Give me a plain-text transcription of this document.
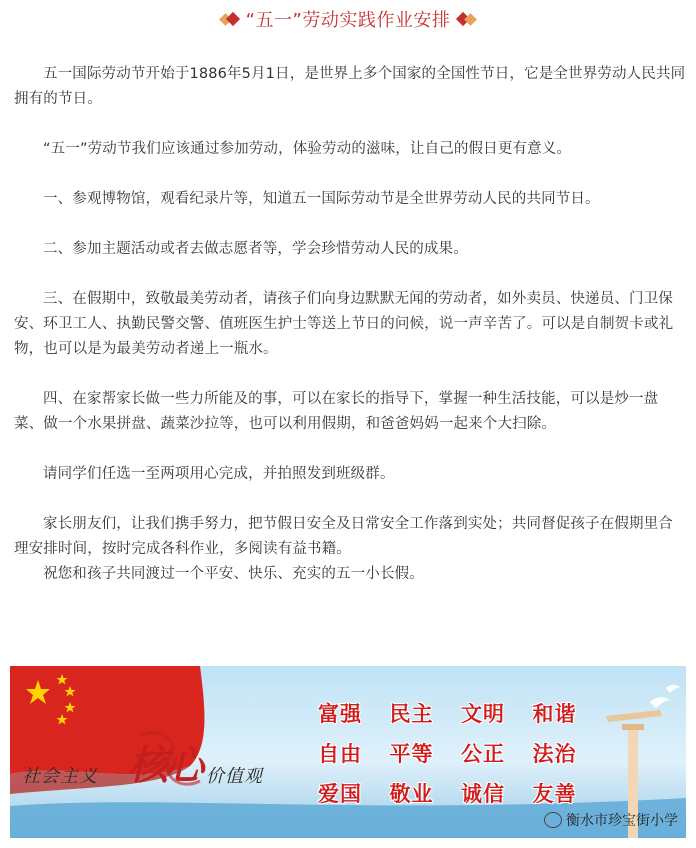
“五一”劳动实践作业安排

五一国际劳动节开始于1886年5月1日，是世界上多个国家的全国性节日，它是全世界劳动人民共同拥有的节日。

“五一”劳动节我们应该通过参加劳动，体验劳动的滋味，让自己的假日更有意义。

一、参观博物馆，观看纪录片等，知道五一国际劳动节是全世界劳动人民的共同节日。

二、参加主题活动或者去做志愿者等，学会珍惜劳动人民的成果。

三、在假期中，致敬最美劳动者，请孩子们向身边默默无闻的劳动者，如外卖员、快递员、门卫保安、环卫工人、执勤民警交警、值班医生护士等送上节日的问候，说一声辛苦了。可以是自制贺卡或礼物，也可以是为最美劳动者递上一瓶水。

四、在家帮家长做一些力所能及的事，可以在家长的指导下，掌握一种生活技能，可以是炒一盘菜、做一个水果拼盘、蔬菜沙拉等，也可以利用假期，和爸爸妈妈一起来个大扫除。

请同学们任选一至两项用心完成，并拍照发到班级群。

家长朋友们，让我们携手努力，把节假日安全及日常安全工作落到实处；共同督促孩子在假期里合理安排时间，按时完成各科作业，多阅读有益书籍。

祝您和孩子共同渡过一个平安、快乐、充实的五一小长假。

社会主义 核心 价值观
富强	民主	文明	和谐
自由	平等	公正	法治
爱国	敬业	诚信	友善
衡水市珍宝街小学
